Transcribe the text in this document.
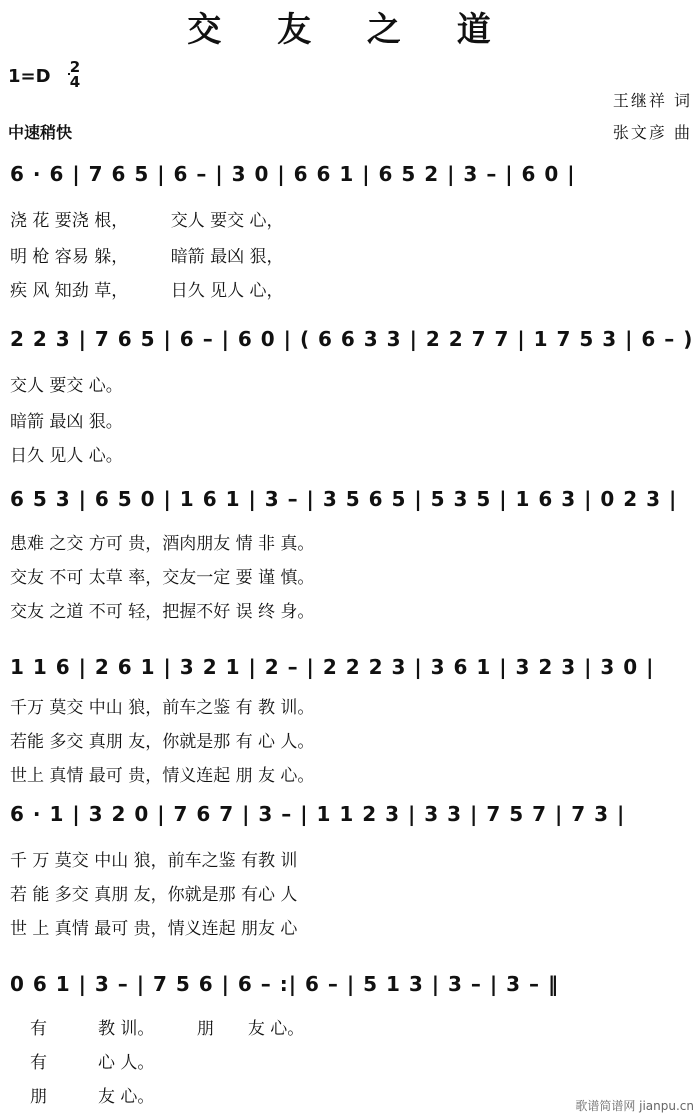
交 友 之 道
1=D 2
4
中速稍快
王继祥 词
张文彦 曲
6 · 6 | 7 6 5 | 6 – | 3 0 | 6 6 1 | 6 5 2 | 3 – | 6 0 |
浇 花 要浇 根，　　　交人 要交 心，
明 枪 容易 躲，　　　暗箭 最凶 狠，
疾 风 知劲 草，　　　日久 见人 心，
2 2 3 | 7 6 5 | 6 – | 6 0 | ( 6 6 3 3 | 2 2 7 7 | 1 7 5 3 | 6 – )
交人 要交 心。
暗箭 最凶 狠。
日久 见人 心。
6 5 3 | 6 5 0 | 1 6 1 | 3 – | 3 5 6 5 | 5 3 5 | 1 6 3 | 0 2 3 |
患难 之交 方可 贵，酒肉朋友 情 非 真。
交友 不可 太草 率，交友一定 要 谨 慎。
交友 之道 不可 轻，把握不好 误 终 身。
1 1 6 | 2 6 1 | 3 2 1 | 2 – | 2 2 2 3 | 3 6 1 | 3 2 3 | 3 0 |
千万 莫交 中山 狼，前车之鉴 有 教 训。
若能 多交 真朋 友，你就是那 有 心 人。
世上 真情 最可 贵，情义连起 朋 友 心。
6 · 1 | 3 2 0 | 7 6 7 | 3 – | 1 1 2 3 | 3 3 | 7 5 7 | 7 3 |
千 万 莫交 中山 狼，前车之鉴 有教 训
若 能 多交 真朋 友，你就是那 有心 人
世 上 真情 最可 贵，情义连起 朋友 心
0 6 1 | 3 – | 7 5 6 | 6 – :| 6 – | 5 1 3 | 3 – | 3 – ‖
有　　　教 训。　　　朋　　友 心。
有　　　心 人。
朋　　　友 心。	歌谱简谱网 jianpu.cn
